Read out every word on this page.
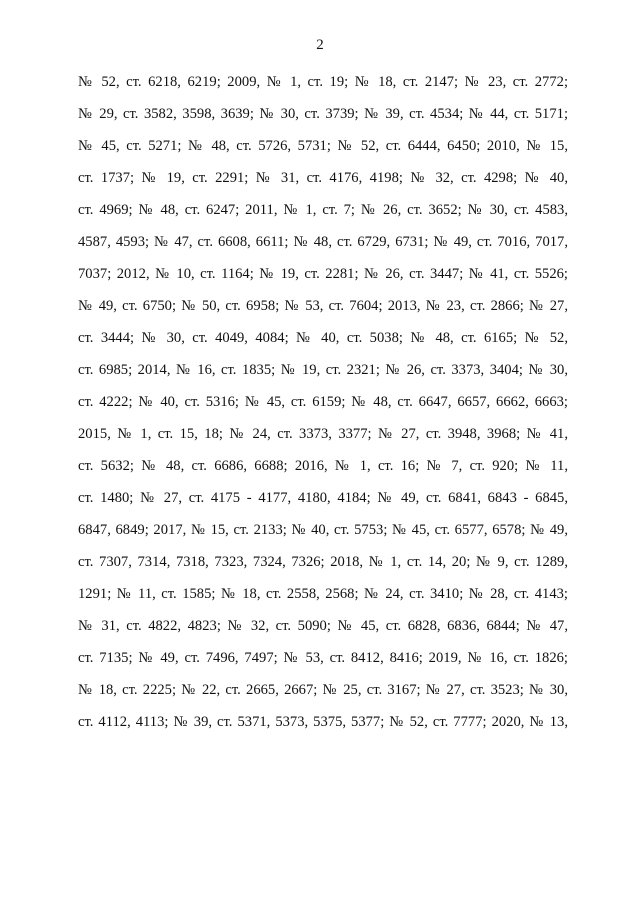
2
№ 52, ст. 6218, 6219; 2009, № 1, ст. 19; № 18, ст. 2147; № 23, ст. 2772;
№ 29, ст. 3582, 3598, 3639; № 30, ст. 3739; № 39, ст. 4534; № 44, ст. 5171;
№ 45, ст. 5271; № 48, ст. 5726, 5731; № 52, ст. 6444, 6450; 2010, № 15,
ст. 1737; № 19, ст. 2291; № 31, ст. 4176, 4198; № 32, ст. 4298; № 40,
ст. 4969; № 48, ст. 6247; 2011, № 1, ст. 7; № 26, ст. 3652; № 30, ст. 4583,
4587, 4593; № 47, ст. 6608, 6611; № 48, ст. 6729, 6731; № 49, ст. 7016, 7017,
7037; 2012, № 10, ст. 1164; № 19, ст. 2281; № 26, ст. 3447; № 41, ст. 5526;
№ 49, ст. 6750; № 50, ст. 6958; № 53, ст. 7604; 2013, № 23, ст. 2866; № 27,
ст. 3444; № 30, ст. 4049, 4084; № 40, ст. 5038; № 48, ст. 6165; № 52,
ст. 6985; 2014, № 16, ст. 1835; № 19, ст. 2321; № 26, ст. 3373, 3404; № 30,
ст. 4222; № 40, ст. 5316; № 45, ст. 6159; № 48, ст. 6647, 6657, 6662, 6663;
2015, № 1, ст. 15, 18; № 24, ст. 3373, 3377; № 27, ст. 3948, 3968; № 41,
ст. 5632; № 48, ст. 6686, 6688; 2016, № 1, ст. 16; № 7, ст. 920; № 11,
ст. 1480; № 27, ст. 4175 - 4177, 4180, 4184; № 49, ст. 6841, 6843 - 6845,
6847, 6849; 2017, № 15, ст. 2133; № 40, ст. 5753; № 45, ст. 6577, 6578; № 49,
ст. 7307, 7314, 7318, 7323, 7324, 7326; 2018, № 1, ст. 14, 20; № 9, ст. 1289,
1291; № 11, ст. 1585; № 18, ст. 2558, 2568; № 24, ст. 3410; № 28, ст. 4143;
№ 31, ст. 4822, 4823; № 32, ст. 5090; № 45, ст. 6828, 6836, 6844; № 47,
ст. 7135; № 49, ст. 7496, 7497; № 53, ст. 8412, 8416; 2019, № 16, ст. 1826;
№ 18, ст. 2225; № 22, ст. 2665, 2667; № 25, ст. 3167; № 27, ст. 3523; № 30,
ст. 4112, 4113; № 39, ст. 5371, 5373, 5375, 5377; № 52, ст. 7777; 2020, № 13,
